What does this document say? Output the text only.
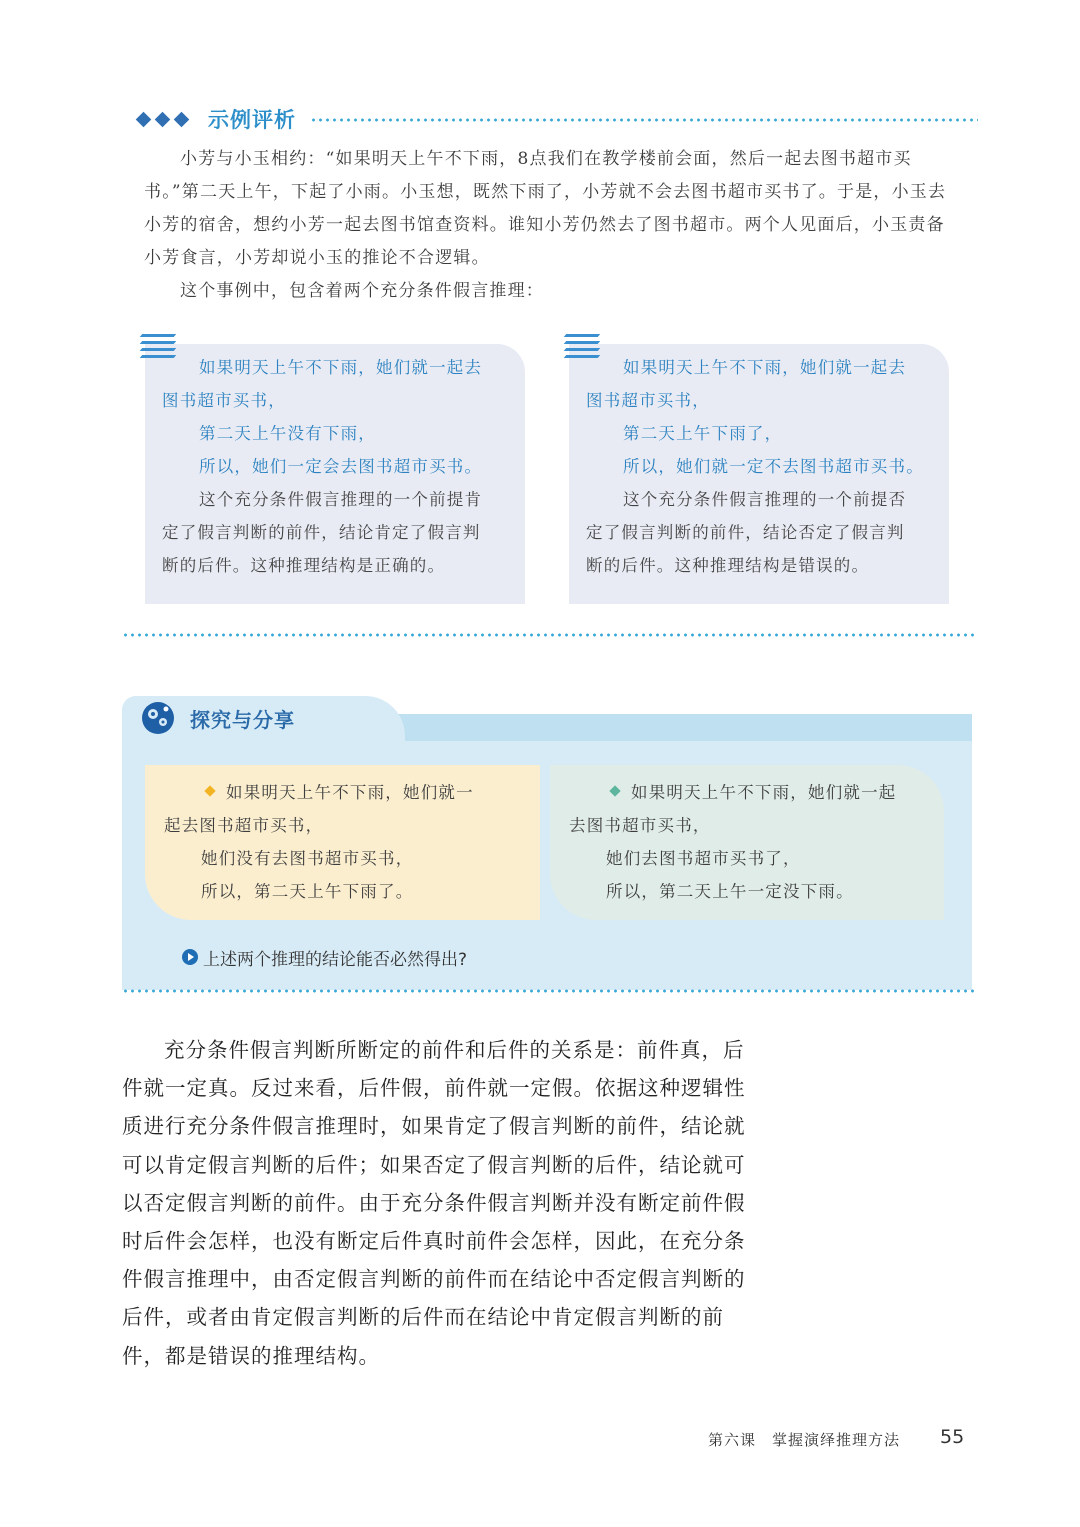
示例评析

小芳与小玉相约：“如果明天上午不下雨，8点我们在教学楼前会面，然后一起去图书超市买书。”第二天上午，下起了小雨。小玉想，既然下雨了，小芳就不会去图书超市买书了。于是，小玉去小芳的宿舍，想约小芳一起去图书馆查资料。谁知小芳仍然去了图书超市。两个人见面后，小玉责备小芳食言，小芳却说小玉的推论不合逻辑。

这个事例中，包含着两个充分条件假言推理：

如果明天上午不下雨，她们就一起去

图书超市买书，

第二天上午没有下雨，

所以，她们一定会去图书超市买书。

这个充分条件假言推理的一个前提肯

定了假言判断的前件，结论肯定了假言判

断的后件。这种推理结构是正确的。

如果明天上午不下雨，她们就一起去

图书超市买书，

第二天上午下雨了，

所以，她们就一定不去图书超市买书。

这个充分条件假言推理的一个前提否

定了假言判断的前件，结论否定了假言判

断的后件。这种推理结构是错误的。

探究与分享

如果明天上午不下雨，她们就一

起去图书超市买书，

她们没有去图书超市买书，

所以，第二天上午下雨了。

如果明天上午不下雨，她们就一起

去图书超市买书，

她们去图书超市买书了，

所以，第二天上午一定没下雨。

上述两个推理的结论能否必然得出?

充分条件假言判断所断定的前件和后件的关系是：前件真，后件就一定真。反过来看，后件假，前件就一定假。依据这种逻辑性质进行充分条件假言推理时，如果肯定了假言判断的前件，结论就可以肯定假言判断的后件；如果否定了假言判断的后件，结论就可以否定假言判断的前件。由于充分条件假言判断并没有断定前件假时后件会怎样，也没有断定后件真时前件会怎样，因此，在充分条件假言推理中，由否定假言判断的前件而在结论中否定假言判断的后件，或者由肯定假言判断的后件而在结论中肯定假言判断的前件，都是错误的推理结构。

第六课　掌握演绎推理方法 55
